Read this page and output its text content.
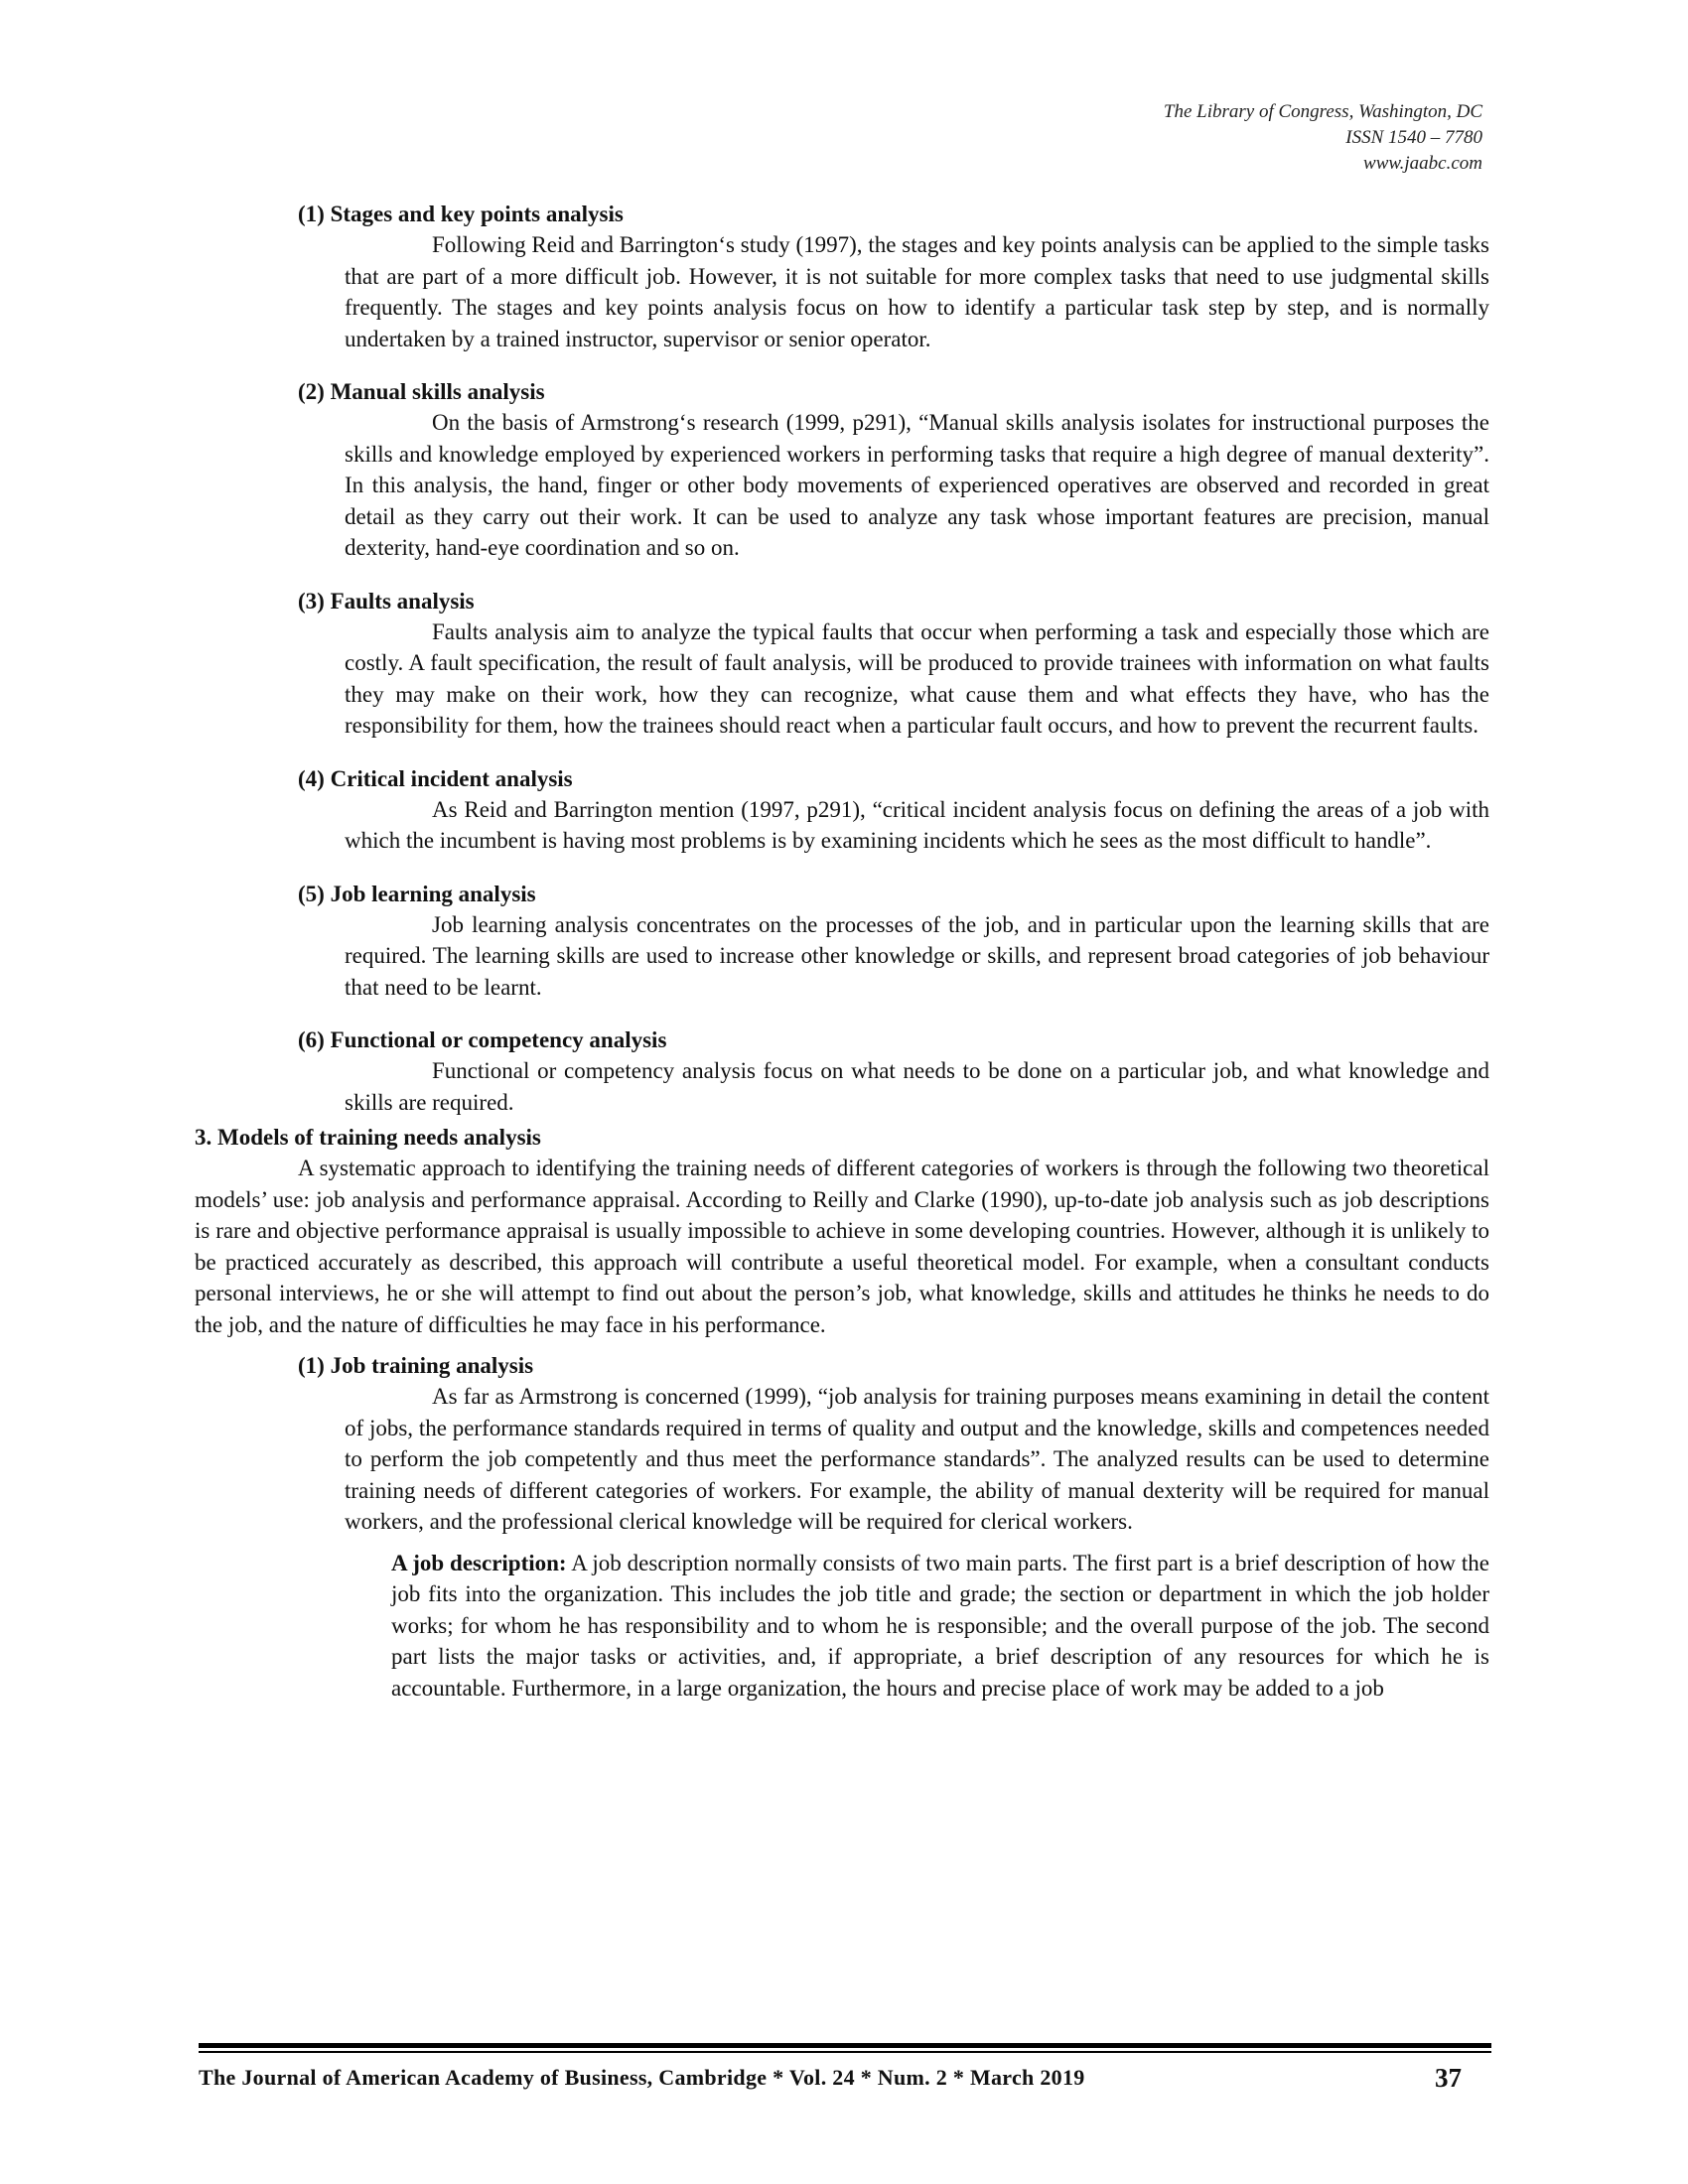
The Library of Congress, Washington, DC
ISSN 1540 – 7780
www.jaabc.com
(1) Stages and key points analysis

Following Reid and Barrington‘s study (1997), the stages and key points analysis can be applied to the simple tasks that are part of a more difficult job. However, it is not suitable for more complex tasks that need to use judgmental skills frequently. The stages and key points analysis focus on how to identify a particular task step by step, and is normally undertaken by a trained instructor, supervisor or senior operator.

(2) Manual skills analysis

On the basis of Armstrong‘s research (1999, p291), “Manual skills analysis isolates for instructional purposes the skills and knowledge employed by experienced workers in performing tasks that require a high degree of manual dexterity”. In this analysis, the hand, finger or other body movements of experienced operatives are observed and recorded in great detail as they carry out their work. It can be used to analyze any task whose important features are precision, manual dexterity, hand-eye coordination and so on.

(3) Faults analysis

Faults analysis aim to analyze the typical faults that occur when performing a task and especially those which are costly. A fault specification, the result of fault analysis, will be produced to provide trainees with information on what faults they may make on their work, how they can recognize, what cause them and what effects they have, who has the responsibility for them, how the trainees should react when a particular fault occurs, and how to prevent the recurrent faults.

(4) Critical incident analysis

As Reid and Barrington mention (1997, p291), “critical incident analysis focus on defining the areas of a job with which the incumbent is having most problems is by examining incidents which he sees as the most difficult to handle”.

(5) Job learning analysis

Job learning analysis concentrates on the processes of the job, and in particular upon the learning skills that are required. The learning skills are used to increase other knowledge or skills, and represent broad categories of job behaviour that need to be learnt.

(6) Functional or competency analysis

Functional or competency analysis focus on what needs to be done on a particular job, and what knowledge and skills are required.

3. Models of training needs analysis

A systematic approach to identifying the training needs of different categories of workers is through the following two theoretical models’ use: job analysis and performance appraisal. According to Reilly and Clarke (1990), up-to-date job analysis such as job descriptions is rare and objective performance appraisal is usually impossible to achieve in some developing countries. However, although it is unlikely to be practiced accurately as described, this approach will contribute a useful theoretical model. For example, when a consultant conducts personal interviews, he or she will attempt to find out about the person’s job, what knowledge, skills and attitudes he thinks he needs to do the job, and the nature of difficulties he may face in his performance.

(1) Job training analysis

As far as Armstrong is concerned (1999), “job analysis for training purposes means examining in detail the content of jobs, the performance standards required in terms of quality and output and the knowledge, skills and competences needed to perform the job competently and thus meet the performance standards”. The analyzed results can be used to determine training needs of different categories of workers. For example, the ability of manual dexterity will be required for manual workers, and the professional clerical knowledge will be required for clerical workers.

A job description: A job description normally consists of two main parts. The first part is a brief description of how the job fits into the organization. This includes the job title and grade; the section or department in which the job holder works; for whom he has responsibility and to whom he is responsible; and the overall purpose of the job. The second part lists the major tasks or activities, and, if appropriate, a brief description of any resources for which he is accountable. Furthermore, in a large organization, the hours and precise place of work may be added to a job

The Journal of American Academy of Business, Cambridge * Vol. 24 * Num. 2 * March 2019	37
